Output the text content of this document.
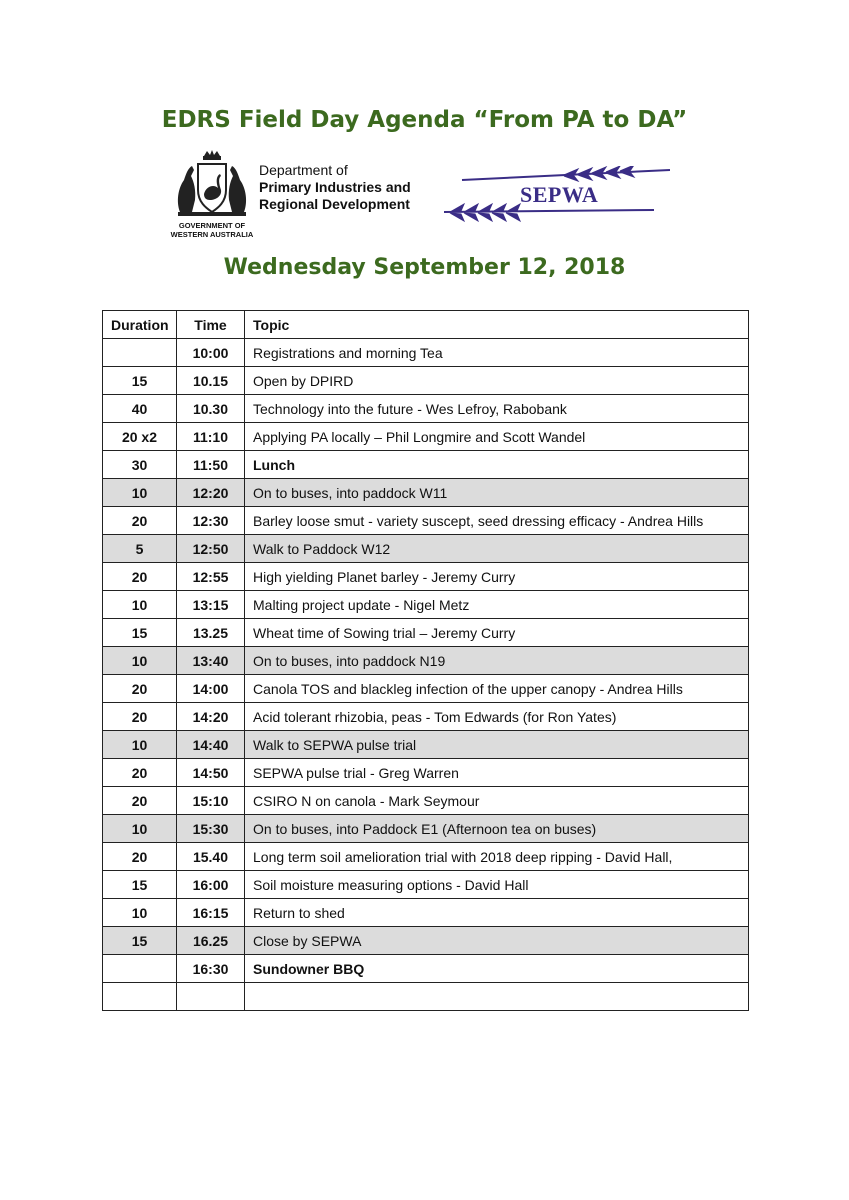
EDRS Field Day Agenda “From PA to DA”
GOVERNMENT OF
WESTERN AUSTRALIA
Department of
Primary Industries and
Regional Development	SEPWA
Wednesday September 12, 2018
Duration	Time	Topic
	10:00	Registrations and morning Tea
15	10.15	Open by DPIRD
40	10.30	Technology into the future - Wes Lefroy, Rabobank
20 x2	11:10	Applying PA locally – Phil Longmire and Scott Wandel
30	11:50	Lunch
10	12:20	On to buses, into paddock W11
20	12:30	Barley loose smut - variety suscept, seed dressing efficacy - Andrea Hills
5	12:50	Walk to Paddock W12
20	12:55	High yielding Planet barley - Jeremy Curry
10	13:15	Malting project update - Nigel Metz
15	13.25	Wheat time of Sowing trial – Jeremy Curry
10	13:40	On to buses, into paddock N19
20	14:00	Canola TOS and blackleg infection of the upper canopy - Andrea Hills
20	14:20	Acid tolerant rhizobia, peas - Tom Edwards (for Ron Yates)
10	14:40	Walk to SEPWA pulse trial
20	14:50	SEPWA pulse trial - Greg Warren
20	15:10	CSIRO N on canola - Mark Seymour
10	15:30	On to buses, into Paddock E1 (Afternoon tea on buses)
20	15.40	Long term soil amelioration trial with 2018 deep ripping - David Hall,
15	16:00	Soil moisture measuring options - David Hall
10	16:15	Return to shed
15	16.25	Close by SEPWA
	16:30	Sundowner BBQ
